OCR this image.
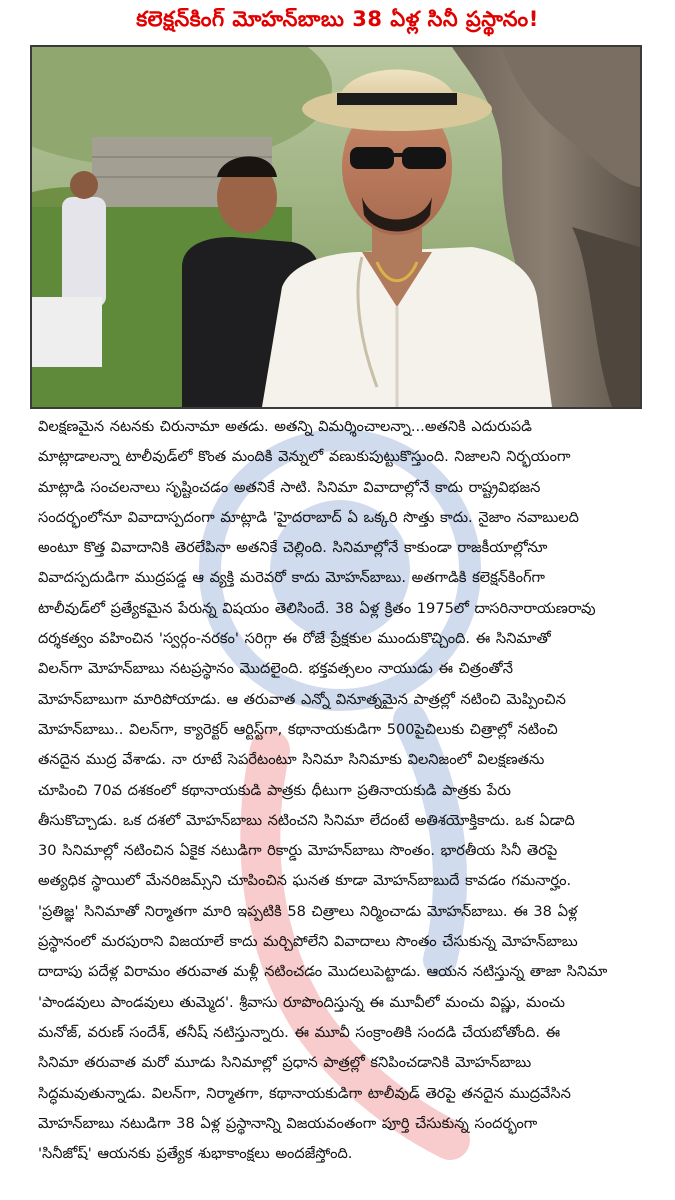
కలెక్షన్‌కింగ్ మోహన్‌బాబు 38 ఏళ్ల సినీ ప్రస్థానం!
విలక్షణమైన నటనకు చిరునామా అతడు. అతన్ని విమర్శించాలన్నా...అతనికి ఎదురుపడి
మాట్లాడాలన్నా టాలీవుడ్‌లో కొంత మందికి వెన్నులో వణుకుపుట్టుకొస్తుంది. నిజాలని నిర్భయంగా
మాట్లాడి సంచలనాలు సృష్టించడం అతనికే సాటి. సినిమా వివాదాల్లోనే కాదు రాష్ట్రవిభజన
సందర్భంలోనూ వివాదాస్పదంగా మాట్లాడి 'హైదరాబాద్ ఏ ఒక్కరి సొత్తు కాదు. నైజాం నవాబులది
అంటూ కొత్త వివాదానికి తెరలేపినా అతనికే చెల్లింది. సినిమాల్లోనే కాకుండా రాజకీయాల్లోనూ
వివాదస్పదుడిగా ముద్రపడ్డ ఆ వ్యక్తి మరెవరో కాదు మోహన్‌బాబు. అతగాడికి కలెక్షన్‌కింగ్‌గా
టాలీవుడ్‌లో ప్రత్యేకమైన పేరున్న విషయం తెలిసిందే. 38 ఏళ్ల క్రితం 1975లో దాసరినారాయణరావు
దర్శకత్వం వహించిన 'స్వర్గం-నరకం' సరిగ్గా ఈ రోజే ప్రేక్షకుల ముందుకొచ్చింది. ఈ సినిమాతో
విలన్‌గా మోహన్‌బాబు నటప్రస్థానం మొదలైంది. భక్తవత్సలం నాయుడు ఈ చిత్రంతోనే
మోహన్‌బాబుగా మారిపోయాడు. ఆ తరువాత ఎన్నో వినూత్నమైన పాత్రల్లో నటించి మెప్పించిన
మోహన్‌బాబు.. విలన్‌గా, క్యారెక్టర్ ఆర్టిస్ట్‌గా, కథానాయకుడిగా 500పైచిలుకు చిత్రాల్లో నటించి
తనదైన ముద్ర వేశాడు. నా రూటే సెపరేటంటూ సినిమా సినిమాకు విలనిజంలో విలక్షణతను
చూపించి 70వ దశకంలో కథానాయకుడి పాత్రకు ధీటుగా ప్రతినాయకుడి పాత్రకు పేరు
తీసుకొచ్చాడు. ఒక దశలో మోహన్‌బాబు నటించని సినిమా లేదంటే అతిశయోక్తికాదు. ఒక ఏడాది
30 సినిమాల్లో నటించిన ఏకైక నటుడిగా రికార్డు మోహన్‌బాబు సొంతం. భారతీయ సినీ తెరపై
అత్యధిక స్థాయిలో మేనరిజమ్స్‌ని చూపించిన ఘనత కూడా మోహన్‌బాబుదే కావడం గమనార్హం.
'ప్రతిజ్ఞ' సినిమాతో నిర్మాతగా మారి ఇప్పటికి 58 చిత్రాలు నిర్మించాడు మోహన్‌బాబు. ఈ 38 ఏళ్ల
ప్రస్థానంలో మరపురాని విజయాలే కాదు మర్చిపోలేని వివాదాలు సొంతం చేసుకున్న మోహన్‌బాబు
దాదాపు పదేళ్ల విరామం తరువాత మళ్లీ నటించడం మొదలుపెట్టాడు. ఆయన నటిస్తున్న తాజా సినిమా
'పాండవులు పాండవులు తుమ్మెద'. శ్రీవాసు రూపొందిస్తున్న ఈ మూవీలో మంచు విష్ణు, మంచు
మనోజ్, వరుణ్ సందేశ్, తనీష్ నటిస్తున్నారు. ఈ మూవీ సంక్రాంతికి సందడి చేయబోతోంది. ఈ
సినిమా తరువాత మరో మూడు సినిమాల్లో ప్రధాన పాత్రల్లో కనిపించడానికి మోహన్‌బాబు
సిద్ధమవుతున్నాడు. విలన్‌గా, నిర్మాతగా, కథానాయకుడిగా టాలీవుడ్ తెరపై తనదైన ముద్రవేసిన
మోహన్‌బాబు నటుడిగా 38 ఏళ్ల ప్రస్థానాన్ని విజయవంతంగా పూర్తి చేసుకున్న సందర్భంగా
'సినీజోష్' ఆయనకు ప్రత్యేక శుభాకాంక్షలు అందజేస్తోంది.
